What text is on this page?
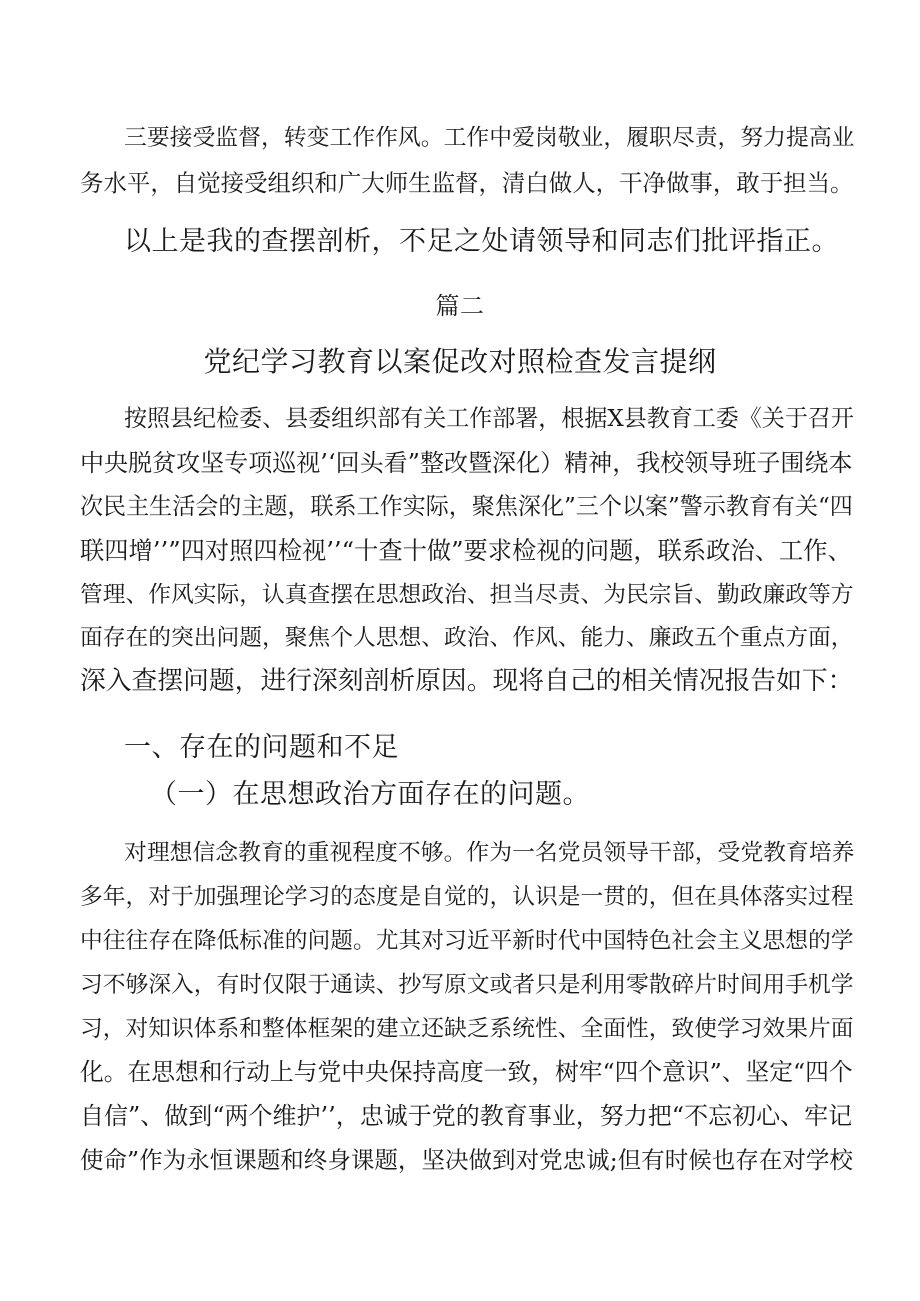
三要接受监督，转变工作作风。工作中爱岗敬业，履职尽责，努力提高业
务水平，自觉接受组织和广大师生监督，清白做人，干净做事，敢于担当。
以上是我的查摆剖析，不足之处请领导和同志们批评指正。
篇二
党纪学习教育以案促改对照检查发言提纲
按照县纪检委、县委组织部有关工作部署，根据X县教育工委《关于召开
中央脱贫攻坚专项巡视’‘回头看”整改暨深化）精神，我校领导班子围绕本
次民主生活会的主题，联系工作实际，聚焦深化”三个以案”警示教育有关“四
联四增’’”四对照四检视’’“十查十做”要求检视的问题，联系政治、工作、
管理、作风实际，认真查摆在思想政治、担当尽责、为民宗旨、勤政廉政等方
面存在的突出问题，聚焦个人思想、政治、作风、能力、廉政五个重点方面，
深入查摆问题，进行深刻剖析原因。现将自己的相关情况报告如下：
一、存在的问题和不足
（一）在思想政治方面存在的问题。
对理想信念教育的重视程度不够。作为一名党员领导干部，受党教育培养
多年，对于加强理论学习的态度是自觉的，认识是一贯的，但在具体落实过程
中往往存在降低标准的问题。尤其对习近平新时代中国特色社会主义思想的学
习不够深入，有时仅限于通读、抄写原文或者只是利用零散碎片时间用手机学
习，对知识体系和整体框架的建立还缺乏系统性、全面性，致使学习效果片面
化。在思想和行动上与党中央保持高度一致，树牢“四个意识”、坚定“四个
自信”、做到“两个维护’’，忠诚于党的教育事业，努力把“不忘初心、牢记
使命”作为永恒课题和终身课题，坚决做到对党忠诚;但有时候也存在对学校
